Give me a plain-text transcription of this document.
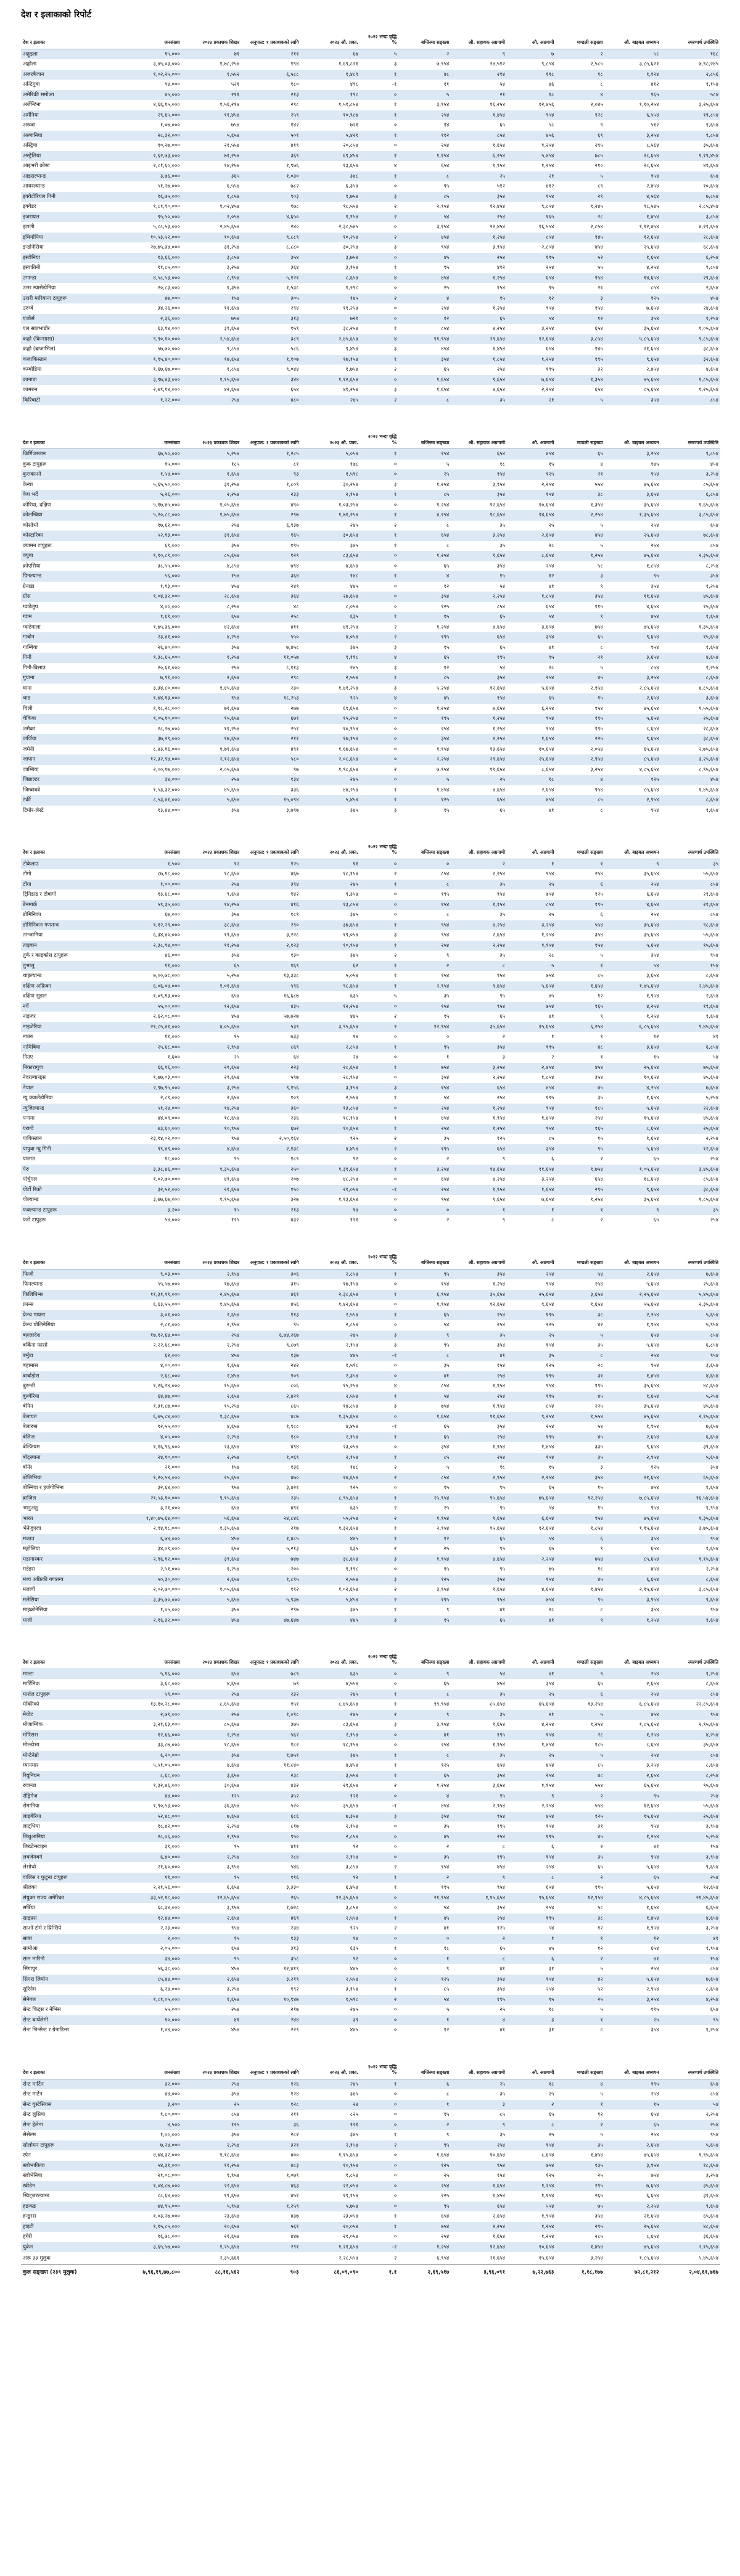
देश र इलाकाको रिपोर्ट
देश र इलाका	जनसंख्या	२०२३ प्रकाशक शिखर	अनुपात: १ प्रकाशकको लागि	२०२३ औ. प्रका.	२०२२ भन्दा वृद्धि %	बप्तिस्मा सङ्ख्या	औ. सहायक अग्रगामी	औ. अग्रगामी	मण्डली सङ्ख्या	औ. बाइबल अध्ययन	स्मरणार्थ उपस्थिति
अङ्गुइला	१५,०००	७१	२११	६७	५	२	९	७	२	५८	१६८
अङ्गोला	३,४५,०३,०००	१,७८,२५४	१९४	१,६९,८२१	३	७,९५४	२४,५१२	९,८५४	२,५८५	३,८५,६२१	७,९८,२४५
अजरबैजान	१,०२,२५,०००	१,५५२	६,५८८	१,४८९	१	४८	२१४	१९८	१८	१,१२४	२,८५६
अन्टिगुवा	९४,०००	५२१	१८०	४९८	-१	११	५४	४६	८	४१२	१,१५४
अमेरिकी समोआ	४५,०००	२११	२१३	१९८	०	५	२१	१८	४	१६५	५८४
अर्जेन्टिना	४,६६,१५,०००	१,५६,२१४	२९८	१,५१,८५४	१	३,९५४	१६,२५४	१२,४५६	२,०४५	१,१०,२५४	३,२५,६५४
अर्मेनिया	२९,६५,०००	११,४५४	२५९	१०,९८७	१	२५४	१,४५४	९५४	१२८	६,५५४	१९,८५४
अरूबा	१,०७,०००	७५४	१४२	७२१	०	१४	६५	५८	९	५१२	१,६५४
अल्बानिया	२८,३२,०००	५,६५४	५०१	५,४२१	१	११२	८५४	४५६	६९	३,२५४	९,८५४
अस्ट्रिया	९०,२७,०००	२१,५५४	४१९	२०,८५४	०	२५४	१,६५४	१,२५४	२९५	८,५६४	३५,६५४
अस्ट्रेलिया	२,६२,७३,०००	७१,२५४	३६९	६९,४५४	१	१,१५४	६,२५४	५,४५४	७८५	२८,६५४	१,१९,४५४
आइभरी कोस्ट	२,८१,६०,०००	१४,२५४	१,९७६	१३,६५४	४	६५४	१,९५४	१,२५४	२१०	२८,६५४	४९,६५४
आइसल्यान्ड	३,७६,०००	३६५	१,०३०	३४८	१	८	२५	२१	५	१५४	६५४
आयरल्यान्ड	५१,२७,०००	६,५५४	७८२	६,३५४	०	९५	५१२	४१२	८९	२,४५४	१०,६५४
इक्वेटोरियल गिनी	१६,७५,०००	१,८५४	९०३	१,७५४	३	८५	३५४	१५४	२९	४,५६४	७,८५४
इक्वेडर	१,८१,९०,०००	१,०२,४५४	१७८	९८,५५४	२	२,९५४	१२,४५४	९,८५४	१,२४५	९८,५४५	२,८५,४५४
इजरायल	९५,५०,०००	२,०५४	४,६५०	१,९५४	२	५४	२५४	१६५	२८	१,४५४	३,८५४
इटाली	५,८८,५३,०००	२,४५,६५४	२४०	२,३८,५४५	०	३,१५४	२२,४५४	१६,५५४	२,८५४	१,१२,४५४	४,२१,६५४
इथियोपिया	१०,५३,५२,०००	१०,६५४	९,८८९	१०,२५४	२	४५४	१,२५४	८५४	१४५	१२,६५४	२८,६५४
इन्डोनेसिया	२७,७५,३४,०००	३१,२५४	८,८८०	३०,२५४	३	९५४	३,९५४	२,८५४	४५४	२५,६५४	६८,६५४
इस्टोनिया	१३,६६,०००	३,८५४	३५४	३,७५४	०	४५	२५४	१९५	५२	१,६५४	६,२५४
इस्वातिनी	११,८५,०००	३,२५४	३६४	३,१५४	१	९५	४१२	२५४	५५	४,२५४	९,८५४
उगान्डा	४,५८,५३,०००	८,९५४	५,१२१	८,६५४	४	४५४	१,२५४	६५४	१५४	१४,६५४	२९,६५४
उत्तर म्यासेडोनिया	२०,८३,०००	१,३५४	१,५३८	१,२९८	०	२५	१५४	९५	२१	८५४	२,६५४
उत्तरी मारियाना टापुहरू	४७,०००	१५४	३०५	१४५	२	४	१५	१२	३	१२५	४५४
उरुग्वे	३४,२६,०००	११,६५४	२९४	११,२५४	०	२५४	१,२५४	९५४	१५४	७,६५४	२४,६५४
एजोर्स	२,३६,०००	७५४	३१३	७२१	०	१२	६५	५४	१२	३५४	१,२५४
एल साल्भाडोर	६३,१४,०००	३९,६५४	१५९	३८,२५४	१	८५४	४,२५४	३,२५४	६५४	३५,६५४	१,०५,६५४
कङ्गो (किन्सासा)	९,९०,१०,०००	२,५४,६५४	३८९	२,४५,६५४	४	११,९५४	२९,६५४	१२,६५४	३,८५४	५,८५,६५४	९,८५,६५४
कङ्गो (ब्राजाभिल)	५७,७०,०००	९,८५४	५८६	९,४५४	३	४५४	१,४५४	६५४	१४५	२१,६५४	३८,६५४
कजाकिस्तान	१,९५,४०,०००	१७,६५४	१,१०७	१७,१५४	१	३५४	१,८५४	१,२५४	१९५	९,६५४	३२,६५४
कम्बोडिया	१,६७,६७,०००	१,८५४	९,०४४	१,७५४	२	६५	२५४	१९५	३२	२,४५४	४,६५४
कानाडा	३,९७,४३,०००	१,१५,६५४	३४४	१,१२,६५४	०	१,६५४	९,६५४	७,६५४	१,३५४	४५,६५४	१,८५,६५४
कामरुन	२,७९,१४,०००	४२,६५४	६५४	४१,२५४	३	१,६५४	४,६५४	२,२५४	६५४	८५,६५४	१,२५,६५४
किरिबाटी	१,२२,०००	२५४	४८०	२४५	२	८	३५	२१	५	३५४	८५४
देश र इलाका	जनसंख्या	२०२३ प्रकाशक शिखर	अनुपात: १ प्रकाशकको लागि	२०२३ औ. प्रका.	२०२२ भन्दा वृद्धि %	बप्तिस्मा सङ्ख्या	औ. सहायक अग्रगामी	औ. अग्रगामी	मण्डली सङ्ख्या	औ. बाइबल अध्ययन	स्मरणार्थ उपस्थिति
किर्गिजस्तान	६७,५०,०००	५,२५४	१,२८५	५,०५४	१	१५४	६५४	४५४	६५	३,२५४	९,८५४
कुक टापुहरू	१५,०००	१८५	८१	१७८	०	५	१८	१५	४	१४५	४५४
कुराकाओ	१,५४,०००	१,६५४	९३	१,५९८	०	२५	१५४	१२५	२१	९५४	३,२५४
केन्या	५,६५,५०,०००	३१,२५४	१,८०९	३०,२५४	३	१,२५४	३,९५४	२,२५४	५५४	४५,६५४	८५,६५४
केप भर्दे	५,२६,०००	२,२५४	२३३	२,१५४	१	८५	३५४	१५४	३८	३,६५४	६,८५४
कोरिया, दक्षिण	५,१७,४५,०००	१,०५,६५४	४९०	१,०३,२५४	०	१,२५४	१२,६५४	१०,६५४	१,३५४	३५,६५४	१,६५,६५४
कोलम्बिया	५,२०,८८,०००	१,७५,६५४	२९७	१,७१,२५४	१	४,२५४	१८,६५४	१४,६५४	२,२५४	१,३५,६५४	३,८५,६५४
कोसोभो	१७,६२,०००	२५४	६,९३७	२४५	२	८	३५	२५	५	२५४	६५४
कोस्टारिका	५२,१३,०००	३१,६५४	१६५	३०,६५४	१	६५४	३,२५४	२,६५४	४५४	२५,६५४	७८,६५४
क्यामन टापुहरू	६९,०००	३५४	१९५	३४५	१	८	३५	२८	५	२५४	८५४
क्युबा	१,१०,८९,०००	८५,६५४	१२९	८३,६५४	०	१,२५४	९,६५४	८,६५४	१,२५४	४५,६५४	२,३५,६५४
क्रोएसिया	३८,५५,०००	४,८५४	७९४	४,६५४	०	६५	३५४	२५४	५८	१,८५४	८,२५४
ग्रिनल्यान्ड	५६,०००	१५४	३६४	१४८	१	४	१५	१२	३	९५	३५४
ग्रेनाडा	१,१३,०००	४५४	२४९	४४५	०	१२	५४	४१	९	३५४	१,२५४
ग्रीस	१,०४,३२,०००	२८,६५४	३६४	२७,६५४	०	३५४	२,२५४	१,८५४	३५४	११,६५४	४५,६५४
ग्वाडेलुप	४,००,०००	८,२५४	४८	८,०५४	०	१२५	८५४	६५४	११५	४,६५४	१५,६५४
ग्वाम	१,६९,०००	६५४	२५८	६३५	१	१५	६५	५४	९	४५४	१,६५४
ग्वाटेमाला	१,७५,३६,०००	४२,६५४	४११	४१,२५४	२	१,२५४	४,६५४	३,६५४	७५४	४५,६५४	१,३५,६५४
गाबोन	२३,४१,०००	४,२५४	५५०	४,०५४	२	१९५	६५४	३५४	६५	९,६५४	१५,६५४
गाम्बिया	२६,४०,०००	३५४	७,४५८	३४५	३	१५	६५	४१	८	९५४	१,६५४
गिनी	१,३८,६५,०००	१,२५४	११,०५७	१,१९८	४	६५	१९५	९५	२१	३,६५४	४,६५४
गिनी-बिसाउ	२०,६१,०००	२५४	८,११३	२४५	३	१२	५४	२८	५	८५४	१,२५४
गुयाना	७,९१,०००	२,६५४	२९८	२,५५४	१	८५	३५४	२५४	४५	३,२५४	८,६५४
घाना	३,३४,८०,०००	१,४५,६५४	२३०	१,४१,२५४	३	५,२५४	१२,६५४	५,६५४	२,१५४	२,८५,६५४	४,८५,६५४
चाड	१,७४,१३,०००	९५४	१८,२५३	९२५	४	४५	१५४	६५	१५	२,६५४	३,६५४
चिली	१,९८,२८,०००	७१,६५४	२७७	६९,६५४	०	१,२५४	७,६५४	६,२५४	९५४	४५,६५४	१,५५,६५४
चेकिया	१,०५,१०,०००	१५,६५४	६७१	१५,२५४	०	१९५	१,२५४	९५४	१९५	५,६५४	२५,६५४
जमैका	२८,२७,०००	११,२५४	२५१	१०,९५४	०	२५४	१,२५४	९५४	१९५	८,६५४	२८,६५४
जर्जिया	३७,२९,०००	१७,६५४	२११	१७,१५४	०	३५४	२,२५४	१,६५४	२२५	९,६५४	३८,६५४
जर्मनी	८,४३,१६,०००	१,७१,६५४	४९१	१,६७,६५४	०	१,९५४	१३,६५४	१०,६५४	२,०५४	६५,६५४	२,७५,६५४
जापान	१२,३२,९४,०००	२,१२,६५४	५८०	२,०८,६५४	०	२,२५४	२९,६५४	२५,६५४	२,९५४	८५,६५४	३,२५,६५४
जाम्बिया	२,००,१७,०००	२,०५,६५४	९७	१,९८,६५४	२	७,९५४	१९,६५४	८,६५४	३,२५४	४,८५,६५४	८,९५,६५४
जिब्राल्टर	३४,०००	२५४	१३४	२४५	०	५	२५	१८	४	१२५	४५४
जिम्बाबवे	१,५३,३२,०००	४५,६५४	३३६	४४,२५४	१	१,४५४	४,६५४	२,६५४	९५४	८५,६५४	१,४५,६५४
टर्की	८,५३,४१,०००	५,६५४	१५,०९४	५,४५४	१	१२५	६५४	४५४	८५	२,९५४	८,६५४
टिमोर-लेस्टे	१३,४४,०००	३५४	३,७९७	३४५	३	१५	६५	४१	८	९५४	१,६५४
देश र इलाका	जनसंख्या	२०२३ प्रकाशक शिखर	अनुपात: १ प्रकाशकको लागि	२०२३ औ. प्रका.	२०२२ भन्दा वृद्धि %	बप्तिस्मा सङ्ख्या	औ. सहायक अग्रगामी	औ. अग्रगामी	मण्डली सङ्ख्या	औ. बाइबल अध्ययन	स्मरणार्थ उपस्थिति
टोकेलाउ	१,५००	१२	१२५	११	०	०	२	१	१	९	३५
टोगो	८७,१८,०००	१८,६५४	४६७	१८,१५४	२	८५४	२,२५४	९५४	२५४	३५,६५४	५५,६५४
टोंगा	१,००,०००	२५४	३९४	२४५	१	८	३५	२५	६	२५४	८५४
ट्रिनिडाड र टोबागो	१३,६८,०००	९,६५४	१४२	९,३५४	०	१९५	९५४	७५४	१२५	६,६५४	२१,६५४
डेनमार्क	५९,३५,०००	१४,२५४	४१६	१३,८५४	०	१५४	१,१५४	८५४	१९५	४,६५४	२१,६५४
डोमिनिका	६७,०००	३५४	१८९	३४५	०	८	३५	२५	६	२५४	८५४
डोमिनिकन गणतन्त्र	१,१२,२९,०००	३८,६५४	२९०	३७,६५४	१	९५४	४,२५४	३,२५४	५५४	३५,६५४	९८,६५४
तान्जानिया	६,३४,४०,०००	१९,६५४	३,२२८	१९,०५४	३	९५४	२,६५४	१,२५४	३५४	३५,६५४	५५,६५४
ताइवान	२,३८,९४,०००	११,२५४	२,१२३	१०,९५४	१	२५४	२,२५४	१,९५४	१५४	५,६५४	१५,६५४
तुर्क र काइकोस टापुहरू	४६,०००	३५४	१३०	३४५	२	९	३५	२८	५	३५४	९५४
तुभालु	११,०००	६५	१६९	६२	१	२	८	५	१	५४	१५४
थाइल्यान्ड	७,००,७८,०००	५,२५४	१३,३३८	५,०५४	१	१५४	९५४	७५४	८५	३,६५४	८,६५४
दक्षिण अफ्रिका	६,०६,०४,०००	१,०१,६५४	५९६	९८,६५४	१	२,९५४	९,६५४	५,६५४	१,६५४	१,४५,६५४	२,४५,६५४
दक्षिण सुडान	१,०९,१३,०००	६५४	१६,६८७	६३५	५	३५	९५	४५	१२	१,९५४	२,६५४
नर्वे	५५,००,०००	१२,६५४	४३५	१२,२५४	०	१५४	९५४	७५४	१६५	४,२५४	१९,६५४
नाइजर	२,६२,०८,०००	४५४	५७,७२७	४४५	२	१५	६५	४१	९	१,२५४	१,६५४
नाइजेरिया	२१,८५,४१,०००	४,०५,६५४	५३९	३,९५,६५४	२	१२,९५४	३५,६५४	१५,६५४	६,२५४	६,८५,६५४	९,४५,६५४
नाउरु	११,०००	१५	७३३	१४	०	०	२	१	१	१२	४१
नामिबिया	२५,६८,०००	२,९५४	८६९	२,८५४	१	९५	३५४	१९५	४८	३,६५४	६,८५४
निउए	१,६००	२५	६४	२४	०	१	३	२	१	१५	५४
निकारागुवा	६६,१६,०००	२९,६५४	२२३	२८,६५४	१	७५४	३,२५४	२,४५४	४५४	२५,६५४	७५,६५४
नेदरल्यान्ड्स	१,७७,०३,०००	२९,६५४	५९७	२८,९५४	०	३५४	२,२५४	१,८५४	३५४	१०,६५४	४५,६५४
नेपाल	२,९७,९५,०००	३,२५४	९,१५६	३,१५४	३	१५४	६५४	४५४	४५	४,२५४	७,६५४
न्यु क्यालेडोनिया	२,८९,०००	२,६५४	१०९	२,५५४	१	५४	२५४	१९५	३५	१,६५४	५,२५४
न्युजिल्यान्ड	५१,२४,०००	१४,२५४	३६०	१३,८५४	०	२५४	१,२५४	९५४	१८५	५,६५४	२२,६५४
पनामा	४४,०९,०००	१८,६५४	२३६	१८,१५४	१	४५४	१,९५४	१,४५४	२५४	१५,६५४	४५,६५४
पराग्वे	७३,६०,०००	१०,९५४	६७२	१०,६५४	१	२५४	१,२५४	९५४	१६५	८,६५४	२५,६५४
पाकिस्तान	२३,१४,०२,०००	९५४	२,५०,१६४	९२५	२	३५	१२५	८५	१५	१,६५४	२,२५४
पापुवा न्यु गिनी	९९,४९,०००	४,६५४	२,१३८	४,४५४	२	१९५	६५४	३५४	९५	५,६५४	१२,६५४
पालाउ	१८,०००	९५	१८९	९२	०	२	९	६	२	६५	२५४
पेरु	३,३८,४६,०००	१,३५,६५४	२५०	१,३१,६५४	१	३,२५४	१४,६५४	११,६५४	१,७५४	१,०५,६५४	३,४५,६५४
पोर्चुगल	१,०२,७०,०००	४९,६५४	२०७	४८,२५४	०	६५४	४,२५४	३,२५४	६५४	१८,६५४	८५,६५४
पोर्टो रिको	३२,५२,०००	२१,६५४	१५०	२१,०५४	-१	२५४	१,९५४	१,६५४	२९५	९,६५४	३८,६५४
पोल्यान्ड	३,७७,६७,०००	१,१५,६५४	३२७	१,१३,६५४	०	९५४	९,६५४	७,६५४	१,२५४	३५,६५४	१,८५,६५४
फक्ल्यान्ड टापुहरू	३,२००	१५	२१३	१४	०	०	१	१	१	९	३५
फरो टापुहरू	५४,०००	१२५	४३२	१२१	०	२	९	८	२	६५	२५४
देश र इलाका	जनसंख्या	२०२३ प्रकाशक शिखर	अनुपात: १ प्रकाशकको लागि	२०२३ औ. प्रका.	२०२२ भन्दा वृद्धि %	बप्तिस्मा सङ्ख्या	औ. सहायक अग्रगामी	औ. अग्रगामी	मण्डली सङ्ख्या	औ. बाइबल अध्ययन	स्मरणार्थ उपस्थिति
फिजी	९,०३,०००	२,९५४	३०६	२,८५४	१	९५	३५४	२५४	५४	२,६५४	७,६५४
फिनल्यान्ड	५५,५७,०००	१७,६५४	३१५	१७,१५४	०	१५४	१,२५४	९५४	२५४	५,६५४	२५,६५४
फिलिपिन्स	११,३१,९९,०००	२,४५,६५४	४६१	२,३८,६५४	१	६,९५४	३५,६५४	२५,६५४	३,६५४	२,२५,६५४	५,४५,६५४
फ्रान्स	६,६३,५५,०००	१,४५,६५४	४५६	१,४२,६५४	०	१,९५४	१२,६५४	९,६५४	१,६५४	५५,६५४	२,३५,६५४
फ्रेन्च गायना	३,०१,०००	२,६५४	११३	२,५५४	१	६५	२५४	१९५	३८	२,२५४	५,६५४
फ्रेन्च पोलिनेसिया	२,८१,०००	२,९५४	९५	२,८५४	०	५४	२५४	२२५	४२	१,९५४	५,९५४
बङ्गलादेश	१७,१२,६४,०००	२५४	६,७४,२६७	२४५	३	९	३५	२५	५	६५४	८५४
बर्किना फासो	२,२२,६८,०००	२,२५४	९,८७९	२,१५४	३	९५	३५४	१५४	३५	५,६५४	६,८५४
बर्मुडा	६२,०००	४५४	१३७	४४५	-१	८	४१	३५	८	२५४	९५४
बहामास	४,००,०००	१,६५४	२४२	१,५९८	०	३५	१५४	१२५	२८	९५४	३,६५४
बार्बाडोस	२,६८,०००	२,४५४	१०९	२,३५४	०	४१	२५४	१९५	३१	१,४५४	४,६५४
बुरुन्डी	१,२६,२४,०००	१५,६५४	८०६	१५,२५४	४	८५४	१,९५४	९५४	१९५	३५,६५४	४८,६५४
बुल्गेरिया	६४,४७,०००	२,६५४	२,४२९	२,५५४	१	५४	२५४	१९५	४५	१,६५४	५,२५४
बेनिन	१,३१,८७,०००	१५,२५४	८६५	१४,८५४	३	७५४	१,९५४	८५४	२२५	३५,६५४	४५,६५४
बेलायत	६,७५,८४,०००	१,३८,६५४	४८७	१,३५,६५४	०	१,६५४	११,६५४	९,२५४	१,५५४	४५,६५४	२,१५,६५४
बेलारुस	९२,५५,०००	४,६५४	१,९८८	४,४५४	-१	६५	३५४	२५४	५४	१,९५४	७,६५४
बेलिज	४,०५,०००	२,२५४	१८०	२,१५४	१	६५	२५४	१९५	४५	२,६५४	६,६५४
बेल्जियम	१,१६,९६,०००	२३,६५४	४९४	२३,०५४	०	३५४	१,९५४	१,४५४	३३५	९,६५४	३९,६५४
बोट्स्वाना	२४,१०,०००	२,२५४	१,०६९	२,१५४	१	८५	२५४	१५४	३५	२,९५४	५,६५४
बोनेर	२१,०००	१५४	१३६	१४८	२	५	१८	१५	३	१२५	३५४
बोलिभिया	१,२०,५४,०००	२५,६५४	४७०	२४,६५४	२	८५४	२,९५४	२,२५४	३५४	२१,६५४	६५,६५४
बोस्निया र हर्जगोभिना	३२,६४,०००	९५४	३,४२१	९२५	०	१५	९५	६५	१५	४५४	१,६५४
ब्राजिल	२१,५३,१०,०००	९,१५,६५४	२३५	८,९५,६५४	१	२५,९५४	९५,६५४	७५,६५४	१२,२५४	७,८५,६५४	१६,५४,६५४
भानुअतु	३,२१,०००	६५४	४९१	६३५	२	२५	९५	५४	१५	९५४	१,९५४
भारत	१,४०,७५,६४,०००	५६,६५४	२४,८४६	५५,२५४	२	१,९५४	९,६५४	६,६५४	९५४	४५,६५४	१,३५,६५४
भेनेजुएला	२,९४,१८,०००	१,३५,६५४	२१७	१,३२,६५४	१	२,९५४	१५,६५४	१२,६५४	१,८५४	१,१५,६५४	३,७५,६५४
मकाउ	६,७४,०००	४५४	१,४८५	४४५	१	१२	६५	५४	६	३५४	९५४
मङ्गोलिया	३४,०९,०००	६५४	५,२१३	६३५	२	२५	९५	६५	९	६५४	१,६५४
मडागास्कर	२,९६,१२,०००	३९,६५४	७४७	३८,६५४	३	१,९५४	४,६५४	२,२५४	७५४	८५,६५४	१,१५,६५४
मडेइरा	२,५१,०००	१,२५४	२००	१,१९८	०	१५	९५	७५	१८	४५४	२,२५४
मध्य अफ्रिकी गणतन्त्र	५०,३०,०००	२,६५४	१,८९५	२,५५४	३	१२५	३५४	१५४	४५	६,६५४	८,६५४
मलावी	२,०२,७०,०००	१,०५,६५४	१९२	१,०२,६५४	२	३,९५४	९,६५४	४,६५४	१,४५४	२,१५,६५४	३,८५,६५४
मलेसिया	३,३५,७०,०००	५,६५४	५,९३७	५,४५४	२	१९५	९५४	७५४	९५	३,९५४	९,६५४
माइक्रोनेसिया	१,०५,०००	३५४	२९७	३४५	१	९	४१	२८	८	३५४	९५४
माली	२,१६,३२,०००	४५४	४७,६४७	४४५	३	१५	६५	४१	९	१,२५४	१,६५४
देश र इलाका	जनसंख्या	२०२३ प्रकाशक शिखर	अनुपात: १ प्रकाशकको लागि	२०२३ औ. प्रका.	२०२२ भन्दा वृद्धि %	बप्तिस्मा सङ्ख्या	औ. सहायक अग्रगामी	औ. अग्रगामी	मण्डली सङ्ख्या	औ. बाइबल अध्ययन	स्मरणार्थ उपस्थिति
माल्टा	५,१६,०००	६५४	७८९	६३५	०	९	५४	४१	९	२५४	१,२५४
मार्टिनिक	३,६८,०००	४,६५४	७९	४,५५४	०	६५	४५४	३५४	६५	२,६५४	८,६५४
मार्शल टापुहरू	५९,०००	२५४	२३२	२४५	१	८	३५	२५	६	२५४	८५४
मेक्सिको	१३,१०,२८,०००	८,६५,६५४	१५१	८,४५,६५४	१	१९,९५४	८५,६५४	६५,६५४	१३,२५४	६,८५,६५४	२२,८५,६५४
मेयोट	२,७९,०००	२५४	१,०९८	२४५	२	९	३५	२१	५	४५४	९५४
मोजाम्बिक	३,२१,६३,०००	८५,६५४	३७५	८३,६५४	३	३,९५४	९,६५४	४,२५४	१,२५४	१,८५,६५४	२,९५,६५४
मोरिसस	१२,६६,०००	२,२५४	५६२	२,१५४	०	४१	१९५	१५४	२८	१,२५४	४,२५४
मोल्डोभा	३३,८७,०००	१८,६५४	१८२	१८,१५४	०	२५४	१,९५४	१,४५४	१८५	८,६५४	३५,६५४
मोन्टेनेग्रो	६,२०,०००	३५४	१,७५१	३४५	१	८	३५	२५	५	२५४	८५४
म्यानमार	५,५१,०५,०००	४,६५४	११,८४०	४,४५४	१	१२५	६५४	४५४	८५	३,२५४	८,६५४
रियुनियन	८,६८,०००	३,६५४	२३८	३,५५४	१	६५	३५४	२५४	४८	२,६५४	८,२५४
रुवान्डा	१,३२,४६,०००	३०,६५४	४३२	२९,६५४	२	१,२५४	३,६५४	१,९५४	५५४	६५,६५४	९५,६५४
रोड्रिगेज	४४,०००	१२५	३५२	१२१	०	४	१५	९	२	९५	२५४
रोमानिया	१,९०,५३,०००	३६,६५४	५२०	३५,६५४	-१	४५४	२,९५४	२,२५४	५५४	१२,६५४	५५,६५४
लाइबेरिया	५२,४८,०००	७,६५४	६८६	७,३५४	३	३५४	९५४	४५४	१२५	१५,६५४	२५,६५४
लाट्भिया	१८,४२,०००	२,२५४	८१७	२,१५४	०	३५	१९५	१५४	३१	९५४	३,९५४
लिथुआनिया	२८,०६,०००	२,९५४	९५०	२,८५४	०	४५	२५४	१९५	४५	१,२५४	५,२५४
लिख्टेन्स्टाइन	३९,०००	९५	४११	९२	०	२	८	६	२	४१	१५४
लक्जेमबर्ग	६,४०,०००	२,२५४	२८४	२,१५४	०	३५	१९५	१५४	३५	९५४	३,९५४
लेसोथो	२१,६०,०००	३,९५४	५४६	३,८५४	२	१५४	४५४	२५४	६५	५,६५४	९,६५४
वालिस र फुटुना टापुहरू	११,०००	९५	११६	९२	१	२	९	८	२	६५	२५४
श्रीलंका	२,२१,५६,०००	६,६५४	३,३३०	६,४५४	१	१९५	९५४	६५४	११५	५,६५४	१२,६५४
संयुक्त राज्य अमेरिका	३३,५२,१८,०००	१२,६५,६५४	२६५	१२,३५,६५४	०	२१,९५४	१,१५,६५४	९५,६५४	१२,९५४	४,८५,६५४	२१,४५,६५४
सर्बिया	६८,३४,०००	३,९५४	१,७२८	३,८५४	०	५४	३५४	२५४	५८	१,६५४	६,६५४
साइप्रस	१२,४४,०००	२,६५४	४६९	२,५५४	१	४५	२५४	१९५	३८	१,४५४	४,६५४
साओ टोमे र प्रिन्सिपे	२,२३,०००	९५४	२३४	९२५	२	४१	१२५	५४	१२	१,९५४	३,२५४
साबा	२,०००	१५	१३३	१४	०	०	२	१	१	१२	४१
सामोआ	२,०५,०००	६५४	३१३	६३५	१	१८	६५	४५	१२	६५४	१,९५४
सान मारिनो	३४,०००	९५	३५८	९२	०	१	८	६	२	४१	१५४
सिंगापुर	५६,३८,०००	४५४	१२,४१९	४४५	०	९	४१	३१	५	२५४	८५४
सिएरा लियोन	८५,४४,०००	२,६५४	३,२१९	२,५५४	२	१२५	३५४	१५४	४२	५,६५४	७,६५४
सुरिनेम	६,२४,०००	३,२५४	१९२	३,१५४	१	८५	३५४	२५४	५२	२,९५४	८,६५४
सेनेगल	१,८१,०५,०००	१,६५४	१०,९४७	१,५९८	२	५४	१९५	९५	२५	३,२५४	४,२५४
सेन्ट किट्स र नेभिस	५५,०००	२५४	२१७	२४५	०	५	२५	१८	५	१९५	६५४
सेन्ट बार्थेलेमी	१०,०००	४१	२४४	३९	०	१	४	३	१	२५	९५
सेन्ट भिन्सेन्ट र ग्रेनाडिन्स	१,०४,०००	४५४	२२९	४४५	०	१२	४१	३१	८	३५४	१,२५४
देश र इलाका	जनसंख्या	२०२३ प्रकाशक शिखर	अनुपात: १ प्रकाशकको लागि	२०२३ औ. प्रका.	२०२२ भन्दा वृद्धि %	बप्तिस्मा सङ्ख्या	औ. सहायक अग्रगामी	औ. अग्रगामी	मण्डली सङ्ख्या	औ. बाइबल अध्ययन	स्मरणार्थ उपस्थिति
सेन्ट मार्टिन	३२,०००	२५४	१२६	२४५	१	६	२५	१८	४	१९५	६५४
सेन्ट मार्टेन	४४,०००	३५४	१२४	३४५	०	८	३५	२५	५	२५४	८५४
सेन्ट युस्टेसियस	३,२००	२५	१२८	२४	०	१	३	२	१	१५	५४
सेन्ट लुसिया	१,८०,०००	८५४	२११	८२५	०	१५	८५	६५	१२	६५४	२,२५४
सेन्ट हेलेना	४,५००	१२५	३६	१२१	०	२	९	८	२	६५	२५४
सेसेल्स	१,००,०००	३५४	२८२	३४५	१	९	३५	२५	५	२५४	९५४
सोलोमन टापुहरू	७,२४,०००	२,२५४	३२१	२,१५४	२	९५	२५४	१५४	३५	२,६५४	५,६५४
स्पेन	४,७४,३२,०००	१,१८,६५४	४००	१,१५,६५४	०	१,६५४	१०,६५४	८,६५४	१,४५४	४५,६५४	१,९५,६५४
स्लोभाकिया	५४,३१,०००	११,२५४	४८३	१०,९५४	०	१२५	९५४	७५४	१३५	३,९५४	१८,६५४
स्लोभेनिया	२१,०८,०००	१,९५४	१,०७९	१,८५४	०	२५	१५४	१२५	२५	७५४	३,२५४
स्वीडेन	१,०४,८७,०००	२२,६५४	४६३	२२,०५४	०	२५४	१,६५४	१,२५४	२९५	७,६५४	३५,६५४
स्विट्जरल्यान्ड	८८,६४,०००	१९,६५४	४५१	१९,१५४	०	२२५	१,४५४	१,१५४	२६५	६,६५४	३१,६५४
हङकङ	७४,९५,०००	५,९५४	१,२५९	५,७५४	०	९५	६५४	५५४	७५	२,२५४	९,६५४
हन्डुरस	१,०३,२७,०००	२३,६५४	४३७	२३,०५४	१	६५४	२,६५४	१,९५४	३५४	२१,६५४	६५,६५४
हाइटी	१,१५,८५,०००	२०,६५४	५६१	२०,०५४	१	७५४	२,२५४	१,२५४	२९५	२५,६५४	४८,६५४
हंगेरी	९६,७८,०००	२१,६५४	४४७	२१,०५४	०	२५४	१,६५४	१,२५४	२८५	८,६५४	३६,६५४
युक्रेन	३,६५,५७,०००	१,२५,६५४	२९१	१,२१,६५४	-२	१,२५४	१२,६५४	१०,६५४	१,४५४	४५,६५४	२,१५,६५४
अरू ३३ मुलुक		२,३५,६६१		२,२८,५५४	२	६,९५४	२१,६५४	१५,६५४	३,२५४	१,८५,६५४	५,४५,६५४
कुल सङ्ख्या (२३९ मुलुक)	७,९६,१९,७७,८००	८८,१६,५६२	९०३	८६,०९,०९०	१.१	२,६९,५१७	३,९६,०९१	७,२२,७६३	१,१८,१७७	७२,८१,२१२	२,०४,६१,७६७
